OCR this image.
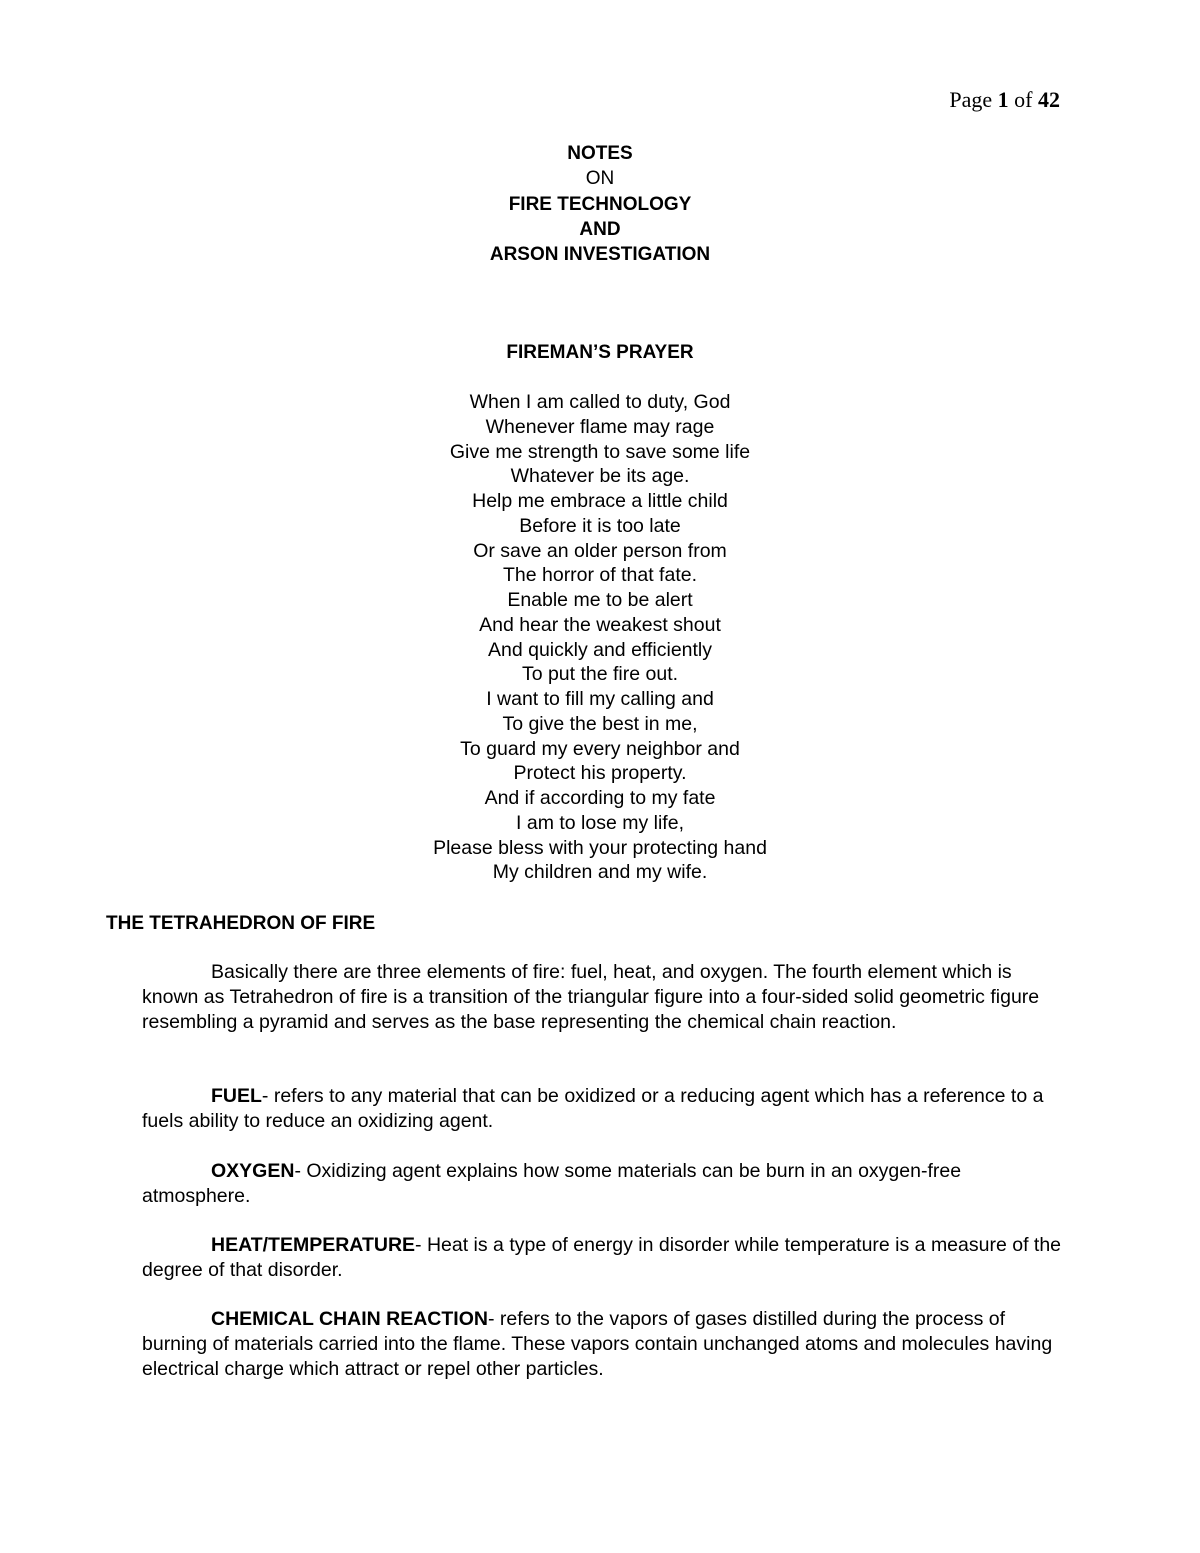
Page 1 of 42
NOTES
ON
FIRE TECHNOLOGY
AND
ARSON INVESTIGATION
FIREMAN’S PRAYER
When I am called to duty, God
Whenever flame may rage
Give me strength to save some life
Whatever be its age.
Help me embrace a little child
Before it is too late
Or save an older person from
The horror of that fate.
Enable me to be alert
And hear the weakest shout
And quickly and efficiently
To put the fire out.
I want to fill my calling and
To give the best in me,
To guard my every neighbor and
Protect his property.
And if according to my fate
I am to lose my life,
Please bless with your protecting hand
My children and my wife.
THE TETRAHEDRON OF FIRE
Basically there are three elements of fire: fuel, heat, and oxygen. The fourth element which is known as Tetrahedron of fire is a transition of the triangular figure into a four-sided solid geometric figure resembling a pyramid and serves as the base representing the chemical chain reaction.
FUEL- refers to any material that can be oxidized or a reducing agent which has a reference to a fuels ability to reduce an oxidizing agent.
OXYGEN- Oxidizing agent explains how some materials can be burn in an oxygen-free atmosphere.
HEAT/TEMPERATURE- Heat is a type of energy in disorder while temperature is a measure of the degree of that disorder.
CHEMICAL CHAIN REACTION- refers to the vapors of gases distilled during the process of burning of materials carried into the flame. These vapors contain unchanged atoms and molecules having electrical charge which attract or repel other particles.
